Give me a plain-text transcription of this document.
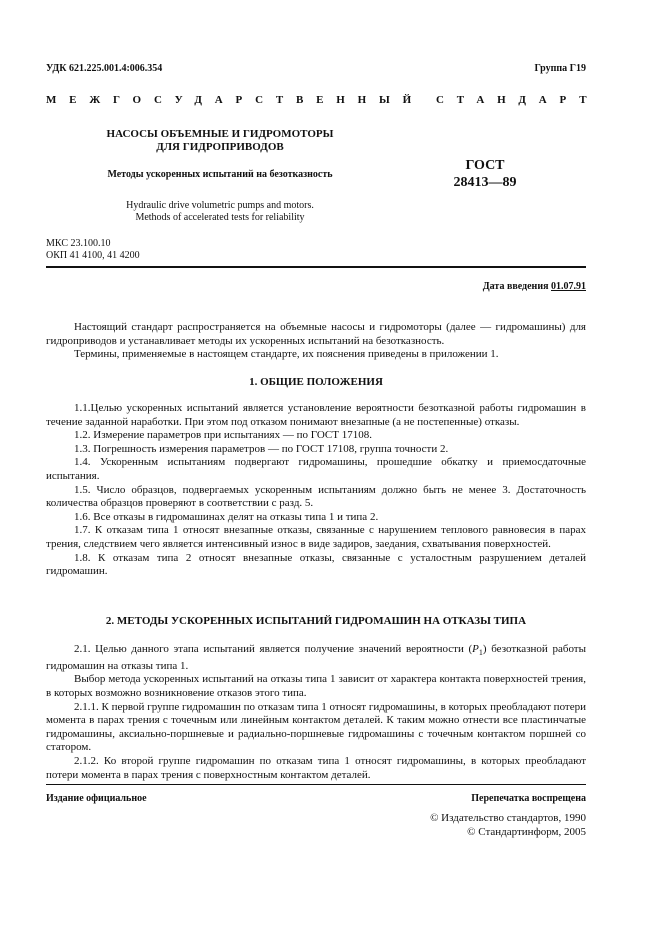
УДК 621.225.001.4:006.354	Группа Г19
МЕЖГОСУДАРСТВЕННЫЙ СТАНДАРТ
НАСОСЫ ОБЪЕМНЫЕ И ГИДРОМОТОРЫ
ДЛЯ ГИДРОПРИВОДОВ
Методы ускоренных испытаний на безотказность
Hydraulic drive volumetric pumps and motors.
Methods of accelerated tests for reliability
ГОСТ
28413—89
МКС 23.100.10
ОКП 41 4100, 41 4200
Дата введения 01.07.91

Настоящий стандарт распространяется на объемные насосы и гидромоторы (далее — гидромашины) для гидроприводов и устанавливает методы их ускоренных испытаний на безотказность.

Термины, применяемые в настоящем стандарте, их пояснения приведены в приложении 1.

1. ОБЩИЕ ПОЛОЖЕНИЯ

1.1.Целью ускоренных испытаний является установление вероятности безотказной работы гидромашин в течение заданной наработки. При этом под отказом понимают внезапные (а не постепенные) отказы.

1.2. Измерение параметров при испытаниях — по ГОСТ 17108.

1.3. Погрешность измерения параметров — по ГОСТ 17108, группа точности 2.

1.4. Ускоренным испытаниям подвергают гидромашины, прошедшие обкатку и приемосдаточные испытания.

1.5. Число образцов, подвергаемых ускоренным испытаниям должно быть не менее 3. Достаточность количества образцов проверяют в соответствии с разд. 5.

1.6. Все отказы в гидромашинах делят на отказы типа 1 и типа 2.

1.7. К отказам типа 1 относят внезапные отказы, связанные с нарушением теплового равновесия в парах трения, следствием чего является интенсивный износ в виде задиров, заедания, схватывания поверхностей.

1.8. К отказам типа 2 относят внезапные отказы, связанные с усталостным разрушением деталей гидромашин.

2. МЕТОДЫ УСКОРЕННЫХ ИСПЫТАНИЙ ГИДРОМАШИН НА ОТКАЗЫ ТИПА

2.1. Целью данного этапа испытаний является получение значений вероятности $(P_1)$ безотказной работы гидромашин на отказы типа 1.

Выбор метода ускоренных испытаний на отказы типа 1 зависит от характера контакта поверхностей трения, в которых возможно возникновение отказов этого типа.

2.1.1. К первой группе гидромашин по отказам типа 1 относят гидромашины, в которых преобладают потери момента в парах трения с точечным или линейным контактом деталей. К таким можно отнести все пластинчатые гидромашины, аксиально-поршневые и радиально-поршневые гидромашины с точечным контактом поршней со статором.

2.1.2. Ко второй группе гидромашин по отказам типа 1 относят гидромашины, в которых преобладают потери момента в парах трения с поверхностным контактом деталей.

Издание официальное	Перепечатка воспрещена
© Издательство стандартов, 1990
© Стандартинформ, 2005
